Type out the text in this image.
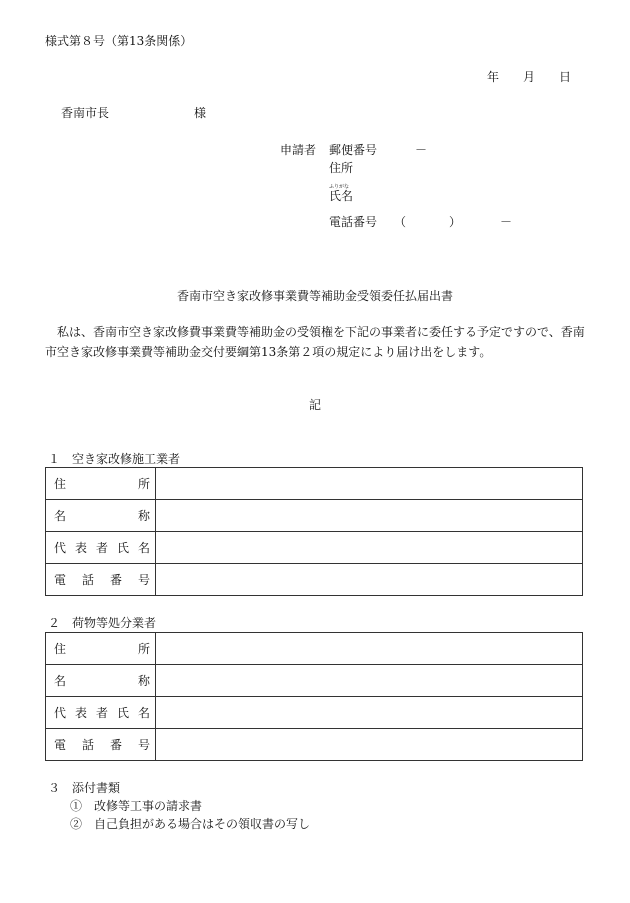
様式第８号（第13条関係）
年 月 日
香南市長	様
申請者 郵便番号	－
住所
ふりがな
氏名
電話番号 （	）	－
香南市空き家改修事業費等補助金受領委任払届出書
私は、香南市空き家改修費事業費等補助金の受領権を下記の事業者に委任する予定ですので、香南市空き家改修事業費等補助金交付要綱第13条第２項の規定により届け出をします。
記
１　空き家改修施工業者
住 所	

名 称	

代 表 者 氏 名	

電 話 番 号	

２　荷物等処分業者
住 所	

名 称	

代 表 者 氏 名	

電 話 番 号	

３　添付書類
①　改修等工事の請求書
②　自己負担がある場合はその領収書の写し
